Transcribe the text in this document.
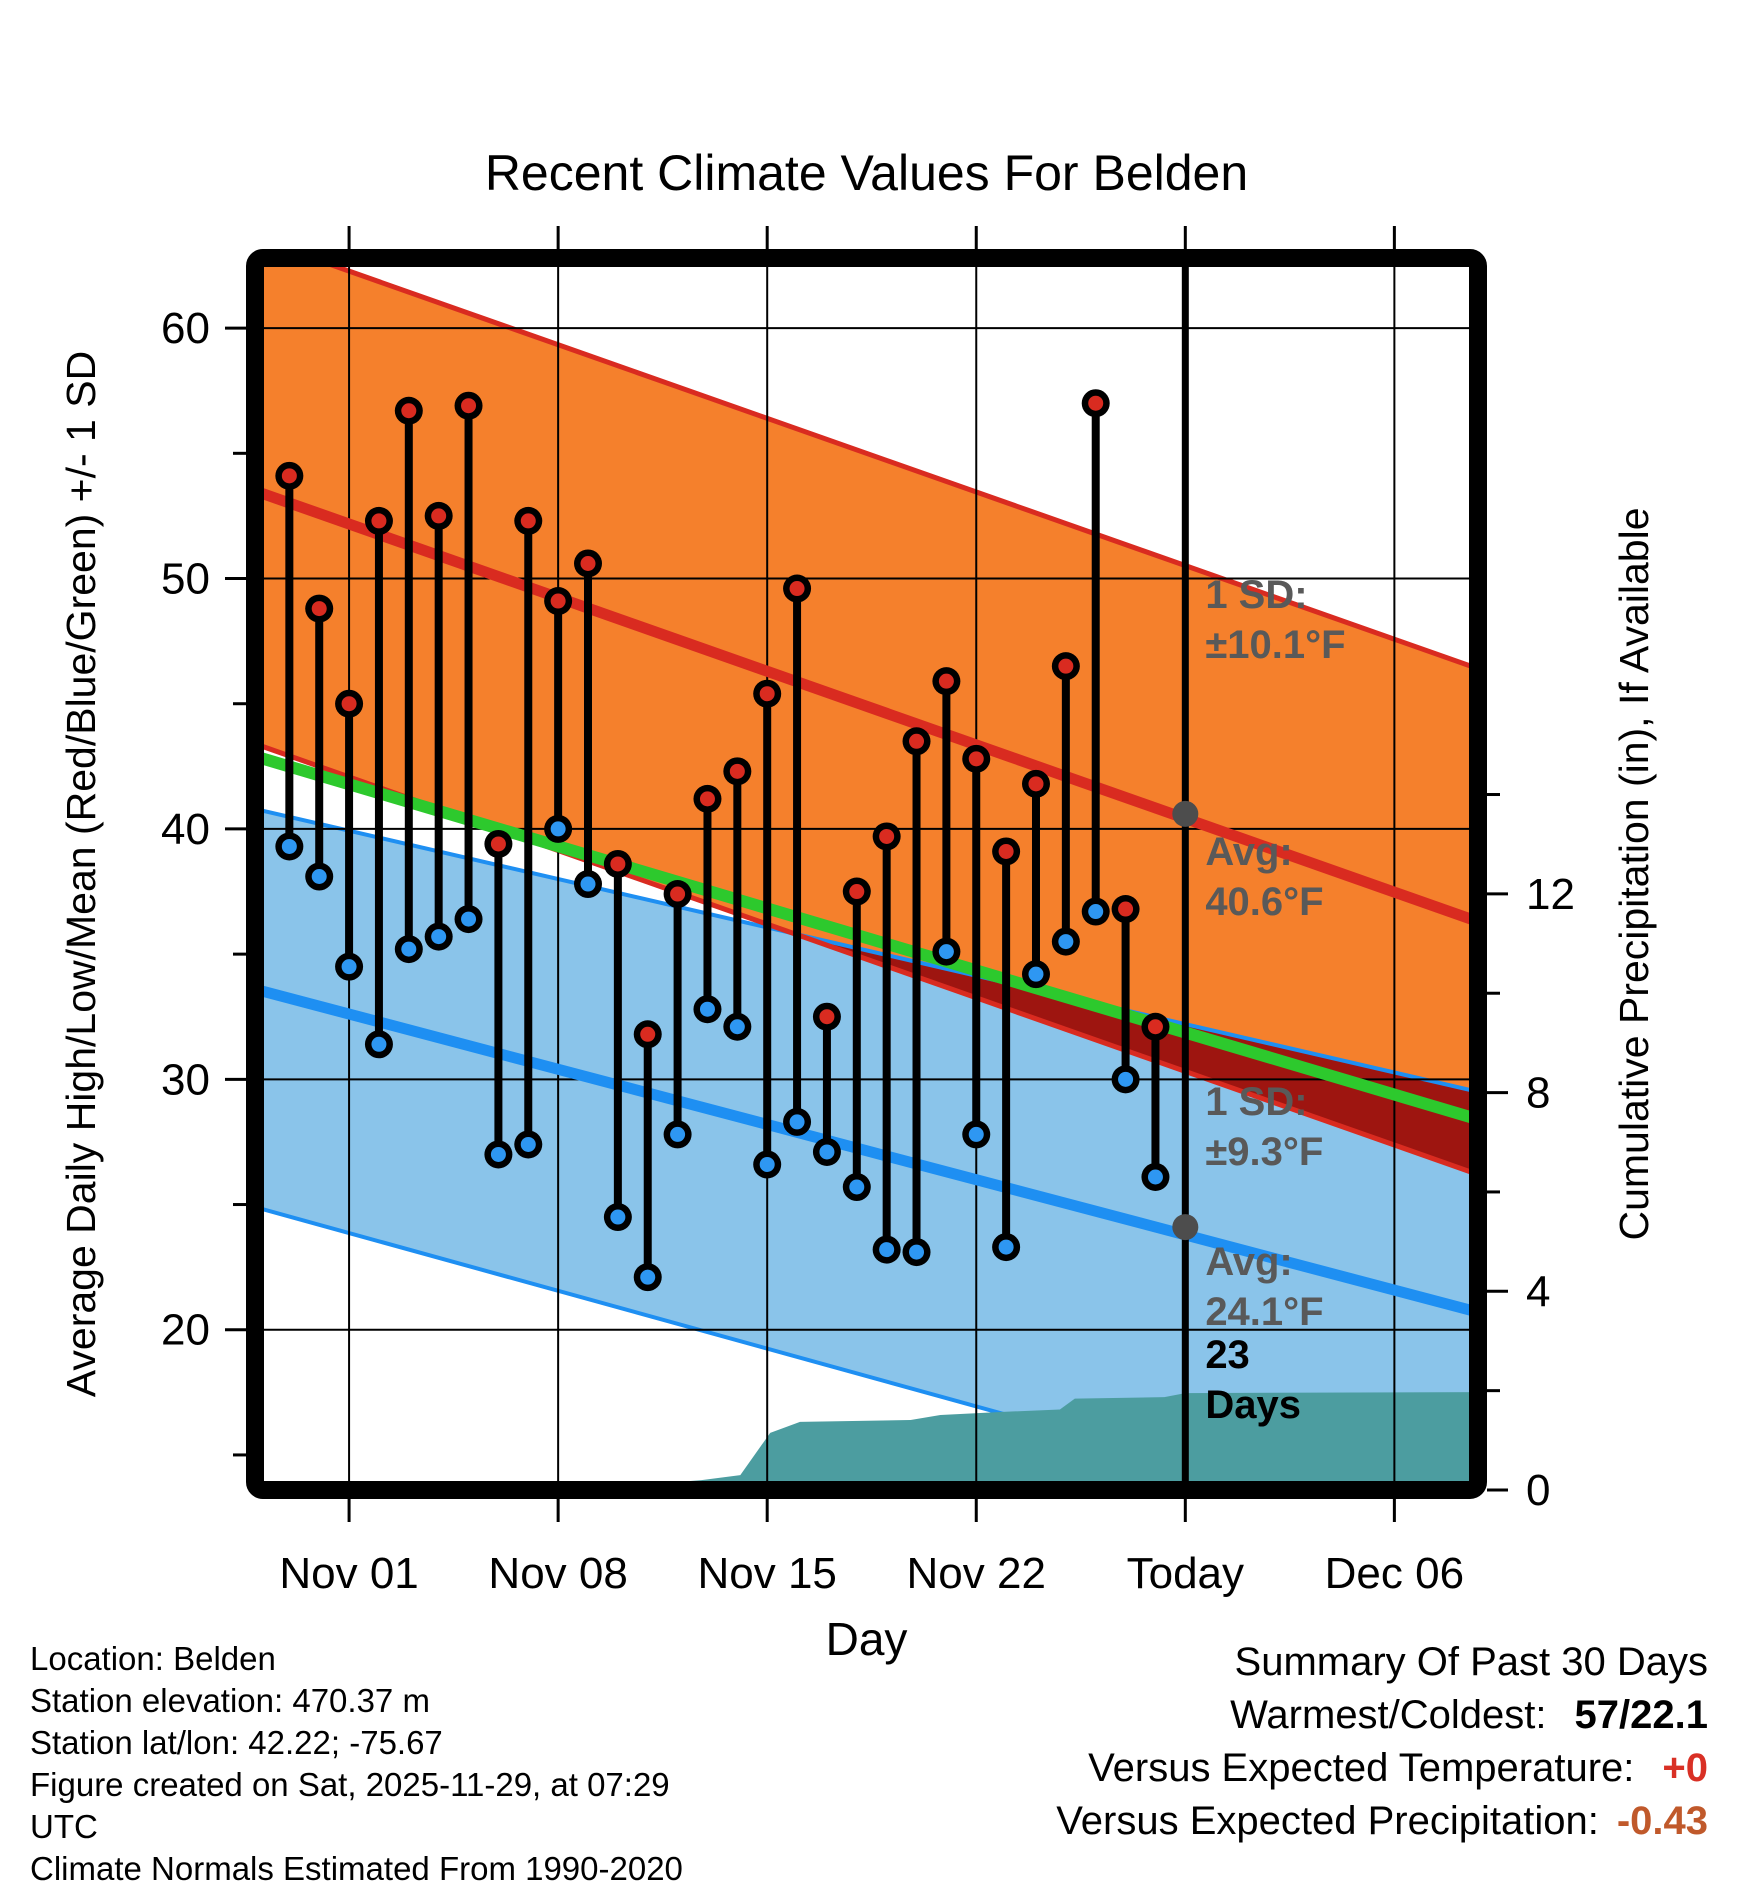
1 SD:
±10.1°F
Avg:
40.6°F
1 SD:
±9.3°F
Avg:
24.1°F
23
Days
60
50
40
30
20
12
8
4
0
Nov 01 Nov 08 Nov 15 Nov 22 Today Dec 06
Recent Climate Values For Belden
Day
Average Daily High/Low/Mean (Red/Blue/Green) +/- 1 SD	Cumulative Precipitation (in), If Available
Location: Belden
Station elevation: 470.37 m
Station lat/lon: 42.22; -75.67
Figure created on Sat, 2025-11-29, at 07:29 UTC
Climate Normals Estimated From 1990-2020
Summary Of Past 30 Days
Warmest/Coldest: 57/22.1
Versus Expected Temperature: +0
Versus Expected Precipitation: -0.43
